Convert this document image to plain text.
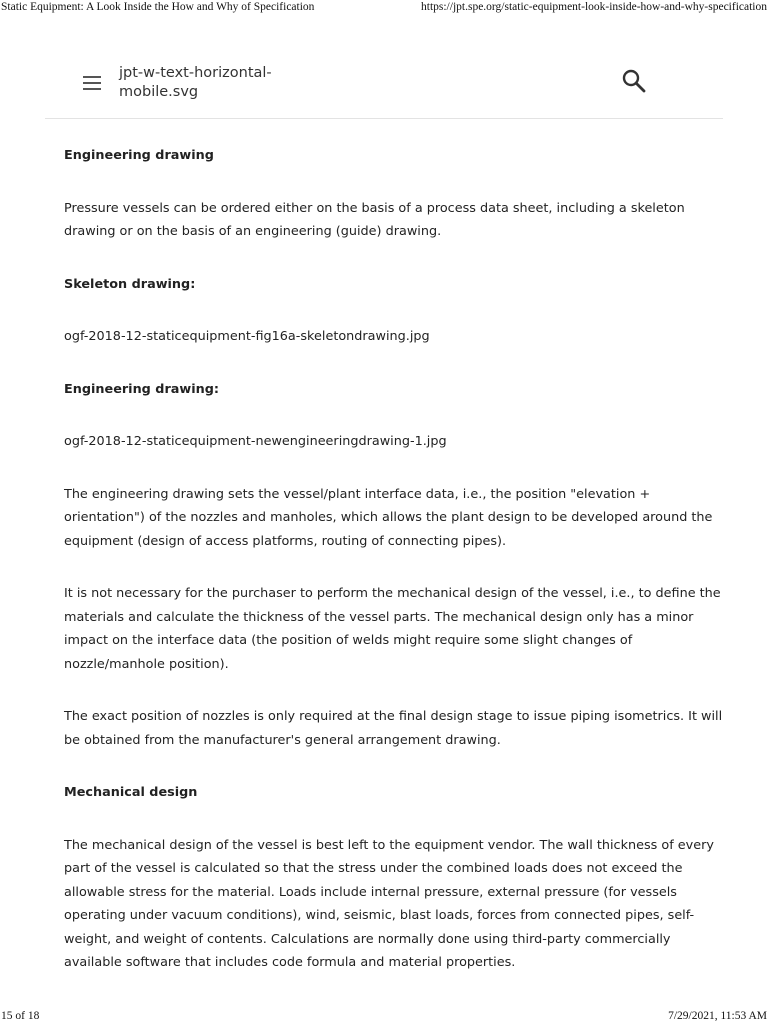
Static Equipment: A Look Inside the How and Why of Specification	https://jpt.spe.org/static-equipment-look-inside-how-and-why-specification
jpt-w-text-horizontal-mobile.svg
Engineering drawing

Pressure vessels can be ordered either on the basis of a process data sheet, including a skeleton drawing or on the basis of an engineering (guide) drawing.

Skeleton drawing:

ogf-2018-12-staticequipment-fig16a-skeletondrawing.jpg

Engineering drawing:

ogf-2018-12-staticequipment-newengineeringdrawing-1.jpg

The engineering drawing sets the vessel/plant interface data, i.e., the position "elevation + orientation") of the nozzles and manholes, which allows the plant design to be developed around the equipment (design of access platforms, routing of connecting pipes).

It is not necessary for the purchaser to perform the mechanical design of the vessel, i.e., to define the materials and calculate the thickness of the vessel parts. The mechanical design only has a minor impact on the interface data (the position of welds might require some slight changes of nozzle/manhole position).

The exact position of nozzles is only required at the final design stage to issue piping isometrics. It will be obtained from the manufacturer's general arrangement drawing.

Mechanical design

The mechanical design of the vessel is best left to the equipment vendor. The wall thickness of every part of the vessel is calculated so that the stress under the combined loads does not exceed the allowable stress for the material. Loads include internal pressure, external pressure (for vessels operating under vacuum conditions), wind, seismic, blast loads, forces from connected pipes, self-weight, and weight of contents. Calculations are normally done using third-party commercially available software that includes code formula and material properties.

15 of 18	7/29/2021, 11:53 AM
